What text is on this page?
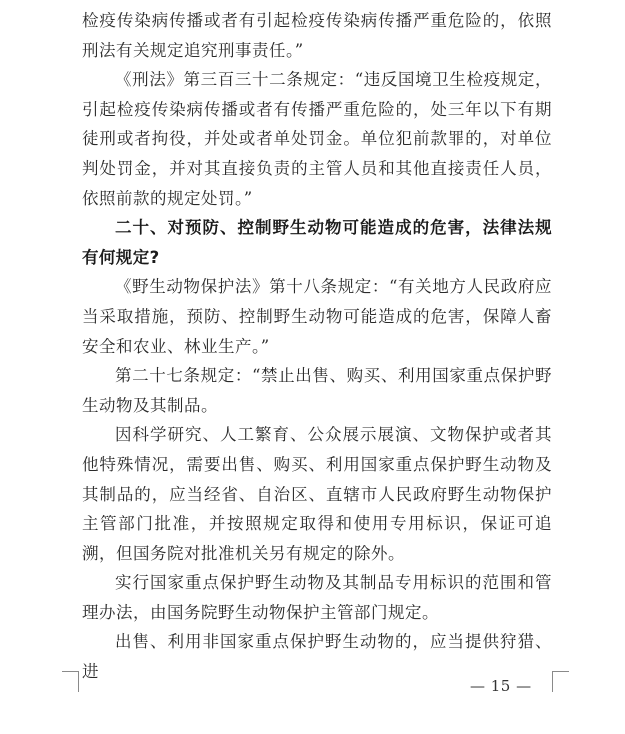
检疫传染病传播或者有引起检疫传染病传播严重危险的，依照刑法有关规定追究刑事责任。”

《刑法》第三百三十二条规定：“违反国境卫生检疫规定，引起检疫传染病传播或者有传播严重危险的，处三年以下有期徒刑或者拘役，并处或者单处罚金。单位犯前款罪的，对单位判处罚金，并对其直接负责的主管人员和其他直接责任人员，依照前款的规定处罚。”

二十、对预防、控制野生动物可能造成的危害，法律法规有何规定?

《野生动物保护法》第十八条规定：“有关地方人民政府应当采取措施，预防、控制野生动物可能造成的危害，保障人畜安全和农业、林业生产。”

第二十七条规定：“禁止出售、购买、利用国家重点保护野生动物及其制品。

因科学研究、人工繁育、公众展示展演、文物保护或者其他特殊情况，需要出售、购买、利用国家重点保护野生动物及其制品的，应当经省、自治区、直辖市人民政府野生动物保护主管部门批准，并按照规定取得和使用专用标识，保证可追溯，但国务院对批准机关另有规定的除外。

实行国家重点保护野生动物及其制品专用标识的范围和管理办法，由国务院野生动物保护主管部门规定。

出售、利用非国家重点保护野生动物的，应当提供狩猎、进

— 15 —
